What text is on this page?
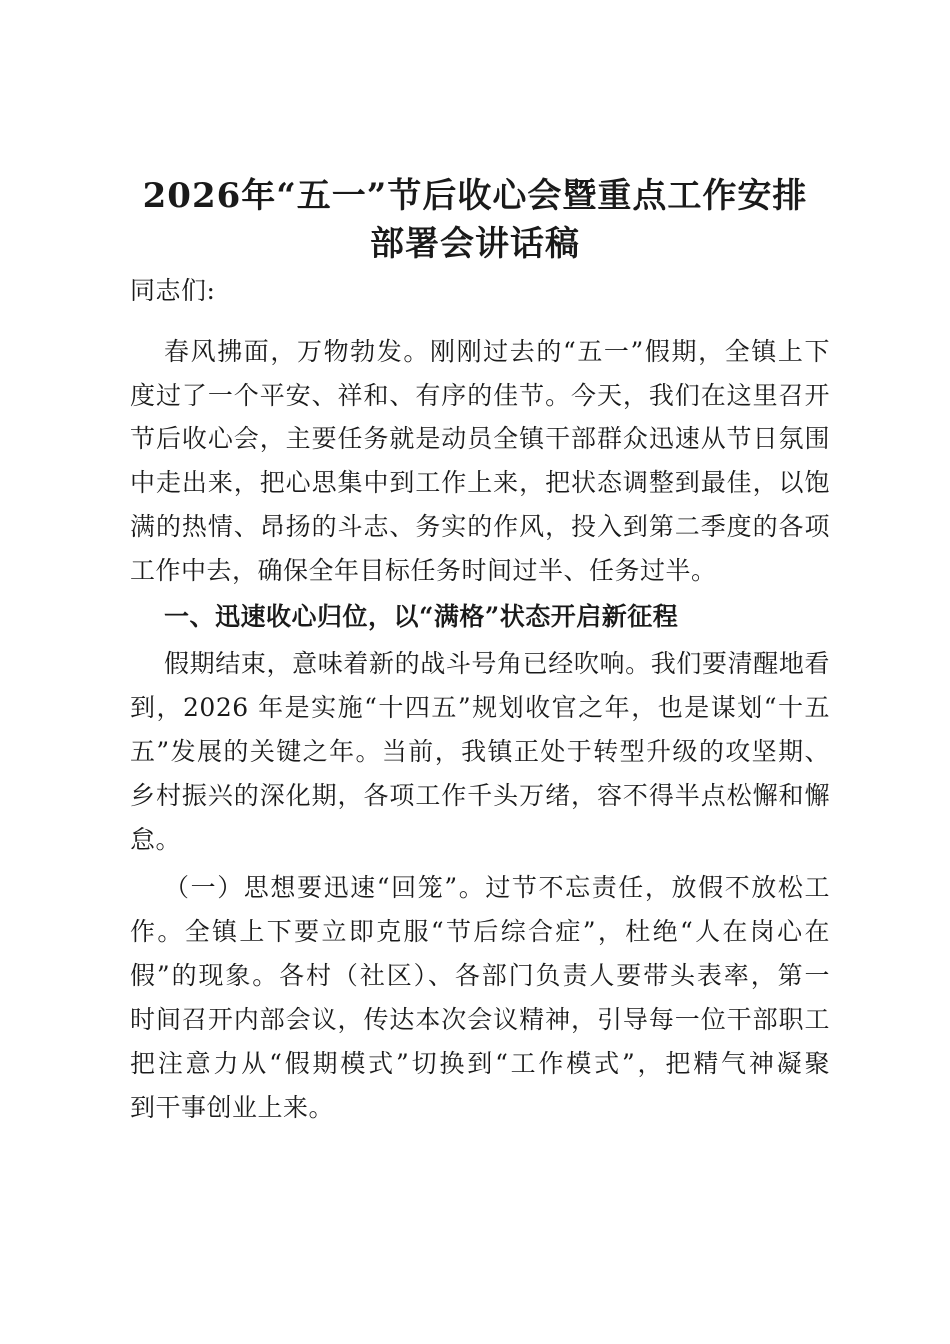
2026年“五一”节后收心会暨重点工作安排
部署会讲话稿
同志们:
春风拂面，万物勃发。刚刚过去的“五一”假期，全镇上下
度过了一个平安、祥和、有序的佳节。今天，我们在这里召开
节后收心会，主要任务就是动员全镇干部群众迅速从节日氛围
中走出来，把心思集中到工作上来，把状态调整到最佳，以饱
满的热情、昂扬的斗志、务实的作风，投入到第二季度的各项
工作中去，确保全年目标任务时间过半、任务过半。
一、迅速收心归位，以“满格”状态开启新征程
假期结束，意味着新的战斗号角已经吹响。我们要清醒地看
到，2026 年是实施“十四五”规划收官之年，也是谋划“十五
五”发展的关键之年。当前，我镇正处于转型升级的攻坚期、
乡村振兴的深化期，各项工作千头万绪，容不得半点松懈和懈
怠。
（一）思想要迅速“回笼”。过节不忘责任，放假不放松工
作。全镇上下要立即克服“节后综合症”，杜绝“人在岗心在
假”的现象。各村（社区）、各部门负责人要带头表率，第一
时间召开内部会议，传达本次会议精神，引导每一位干部职工
把注意力从“假期模式”切换到“工作模式”，把精气神凝聚
到干事创业上来。
